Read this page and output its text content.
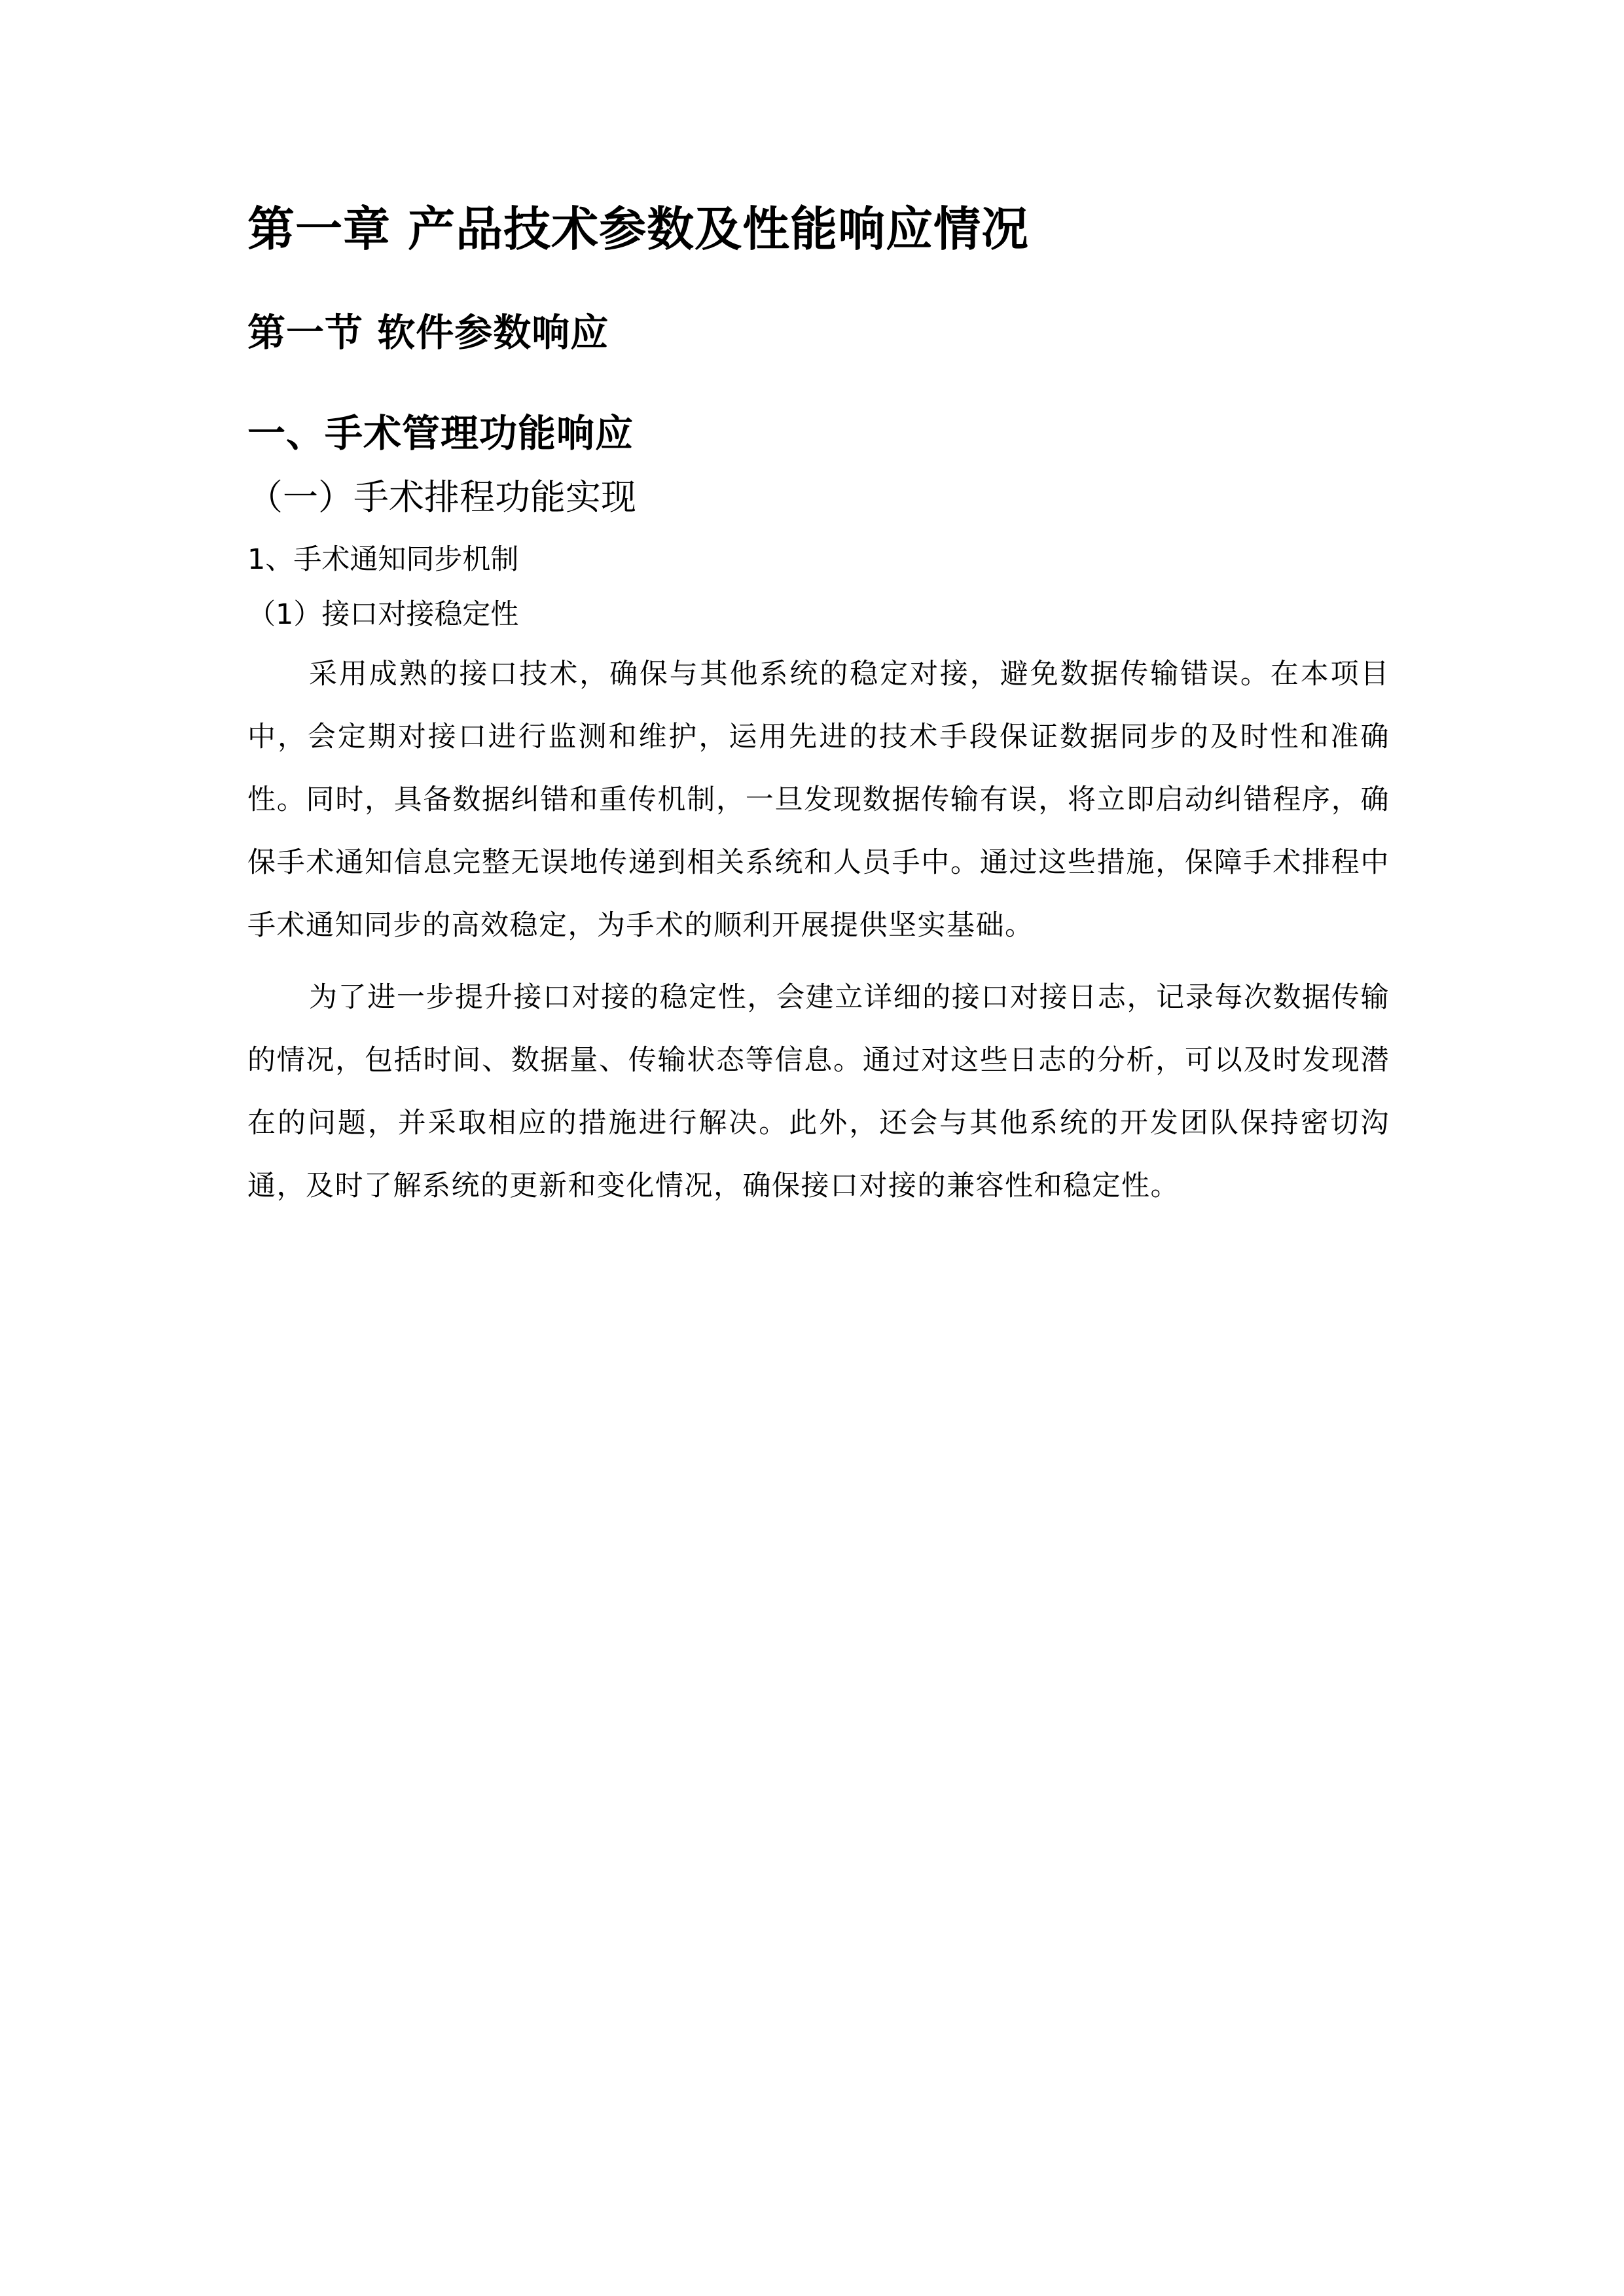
第一章 产品技术参数及性能响应情况
第一节 软件参数响应
一、手术管理功能响应
（一）手术排程功能实现
1、手术通知同步机制
（1）接口对接稳定性

采用成熟的接口技术，确保与其他系统的稳定对接，避免数据传输错误。在本项目中，会定期对接口进行监测和维护，运用先进的技术手段保证数据同步的及时性和准确性。同时，具备数据纠错和重传机制，一旦发现数据传输有误，将立即启动纠错程序，确保手术通知信息完整无误地传递到相关系统和人员手中。通过这些措施，保障手术排程中手术通知同步的高效稳定，为手术的顺利开展提供坚实基础。

为了进一步提升接口对接的稳定性，会建立详细的接口对接日志，记录每次数据传输的情况，包括时间、数据量、传输状态等信息。通过对这些日志的分析，可以及时发现潜在的问题，并采取相应的措施进行解决。此外，还会与其他系统的开发团队保持密切沟通，及时了解系统的更新和变化情况，确保接口对接的兼容性和稳定性。
